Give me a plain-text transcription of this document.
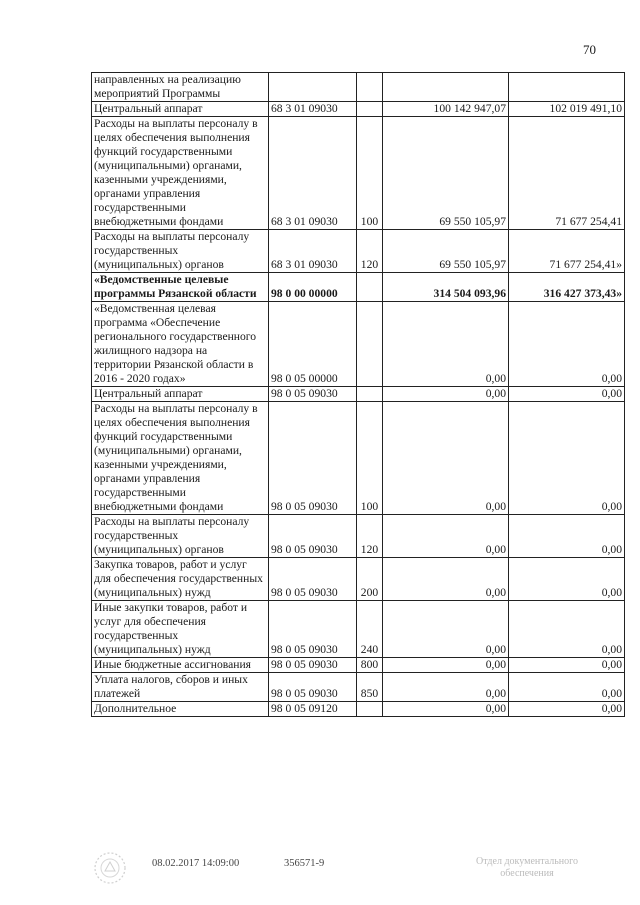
70
направленных на реализацию мероприятий Программы				
Центральный аппарат	68 3 01 09030		100 142 947,07	102 019 491,10
Расходы на выплаты персоналу в целях обеспечения выполнения функций государственными (муниципальными) органами, казенными учреждениями, органами управления государственными внебюджетными фондами	68 3 01 09030	100	69 550 105,97	71 677 254,41
Расходы на выплаты персоналу государственных (муниципальных) органов	68 3 01 09030	120	69 550 105,97	71 677 254,41»
«Ведомственные целевые программы Рязанской области	98 0 00 00000		314 504 093,96	316 427 373,43»
«Ведомственная целевая программа «Обеспечение регионального государственного жилищного надзора на территории Рязанской области в 2016 - 2020 годах»	98 0 05 00000		0,00	0,00
Центральный аппарат	98 0 05 09030		0,00	0,00
Расходы на выплаты персоналу в целях обеспечения выполнения функций государственными (муниципальными) органами, казенными учреждениями, органами управления государственными внебюджетными фондами	98 0 05 09030	100	0,00	0,00
Расходы на выплаты персоналу государственных (муниципальных) органов	98 0 05 09030	120	0,00	0,00
Закупка товаров, работ и услуг для обеспечения государственных (муниципальных) нужд	98 0 05 09030	200	0,00	0,00
Иные закупки товаров, работ и услуг для обеспечения государственных (муниципальных) нужд	98 0 05 09030	240	0,00	0,00
Иные бюджетные ассигнования	98 0 05 09030	800	0,00	0,00
Уплата налогов, сборов и иных платежей	98 0 05 09030	850	0,00	0,00
Дополнительное	98 0 05 09120		0,00	0,00
08.02.2017 14:09:00	356571-9	Отдел документального обеспечения
